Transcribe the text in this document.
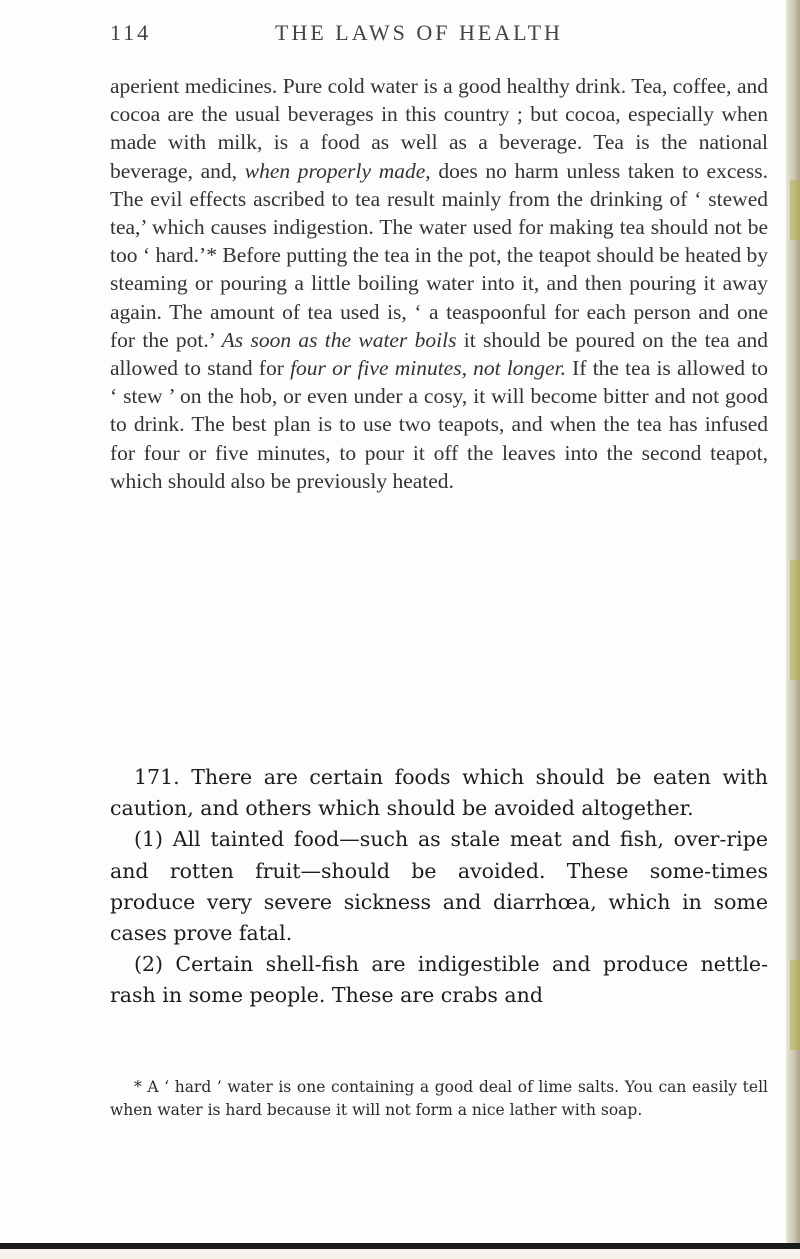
114	THE LAWS OF HEALTH

aperient medicines. Pure cold water is a good healthy drink. Tea, coffee, and cocoa are the usual beverages in this country ; but cocoa, especially when made with milk, is a food as well as a beverage. Tea is the national beverage, and, when properly made, does no harm unless taken to excess. The evil effects ascribed to tea result mainly from the drinking of ‘ stewed tea,’ which causes indigestion. The water used for making tea should not be too ‘ hard.’* Before putting the tea in the pot, the teapot should be heated by steaming or pouring a little boiling water into it, and then pouring it away again. The amount of tea used is, ‘ a teaspoonful for each person and one for the pot.’ As soon as the water boils it should be poured on the tea and allowed to stand for four or five minutes, not longer. If the tea is allowed to ‘ stew ’ on the hob, or even under a cosy, it will become bitter and not good to drink. The best plan is to use two teapots, and when the tea has infused for four or five minutes, to pour it off the leaves into the second teapot, which should also be previously heated.

171. There are certain foods which should be eaten with caution, and others which should be avoided altogether.

(1) All tainted food—such as stale meat and fish, over-ripe and rotten fruit—should be avoided. These some-times produce very severe sickness and diarrhœa, which in some cases prove fatal.

(2) Certain shell-fish are indigestible and produce nettle-rash in some people. These are crabs and

* A ‘ hard ’ water is one containing a good deal of lime salts. You can easily tell when water is hard because it will not form a nice lather with soap.
